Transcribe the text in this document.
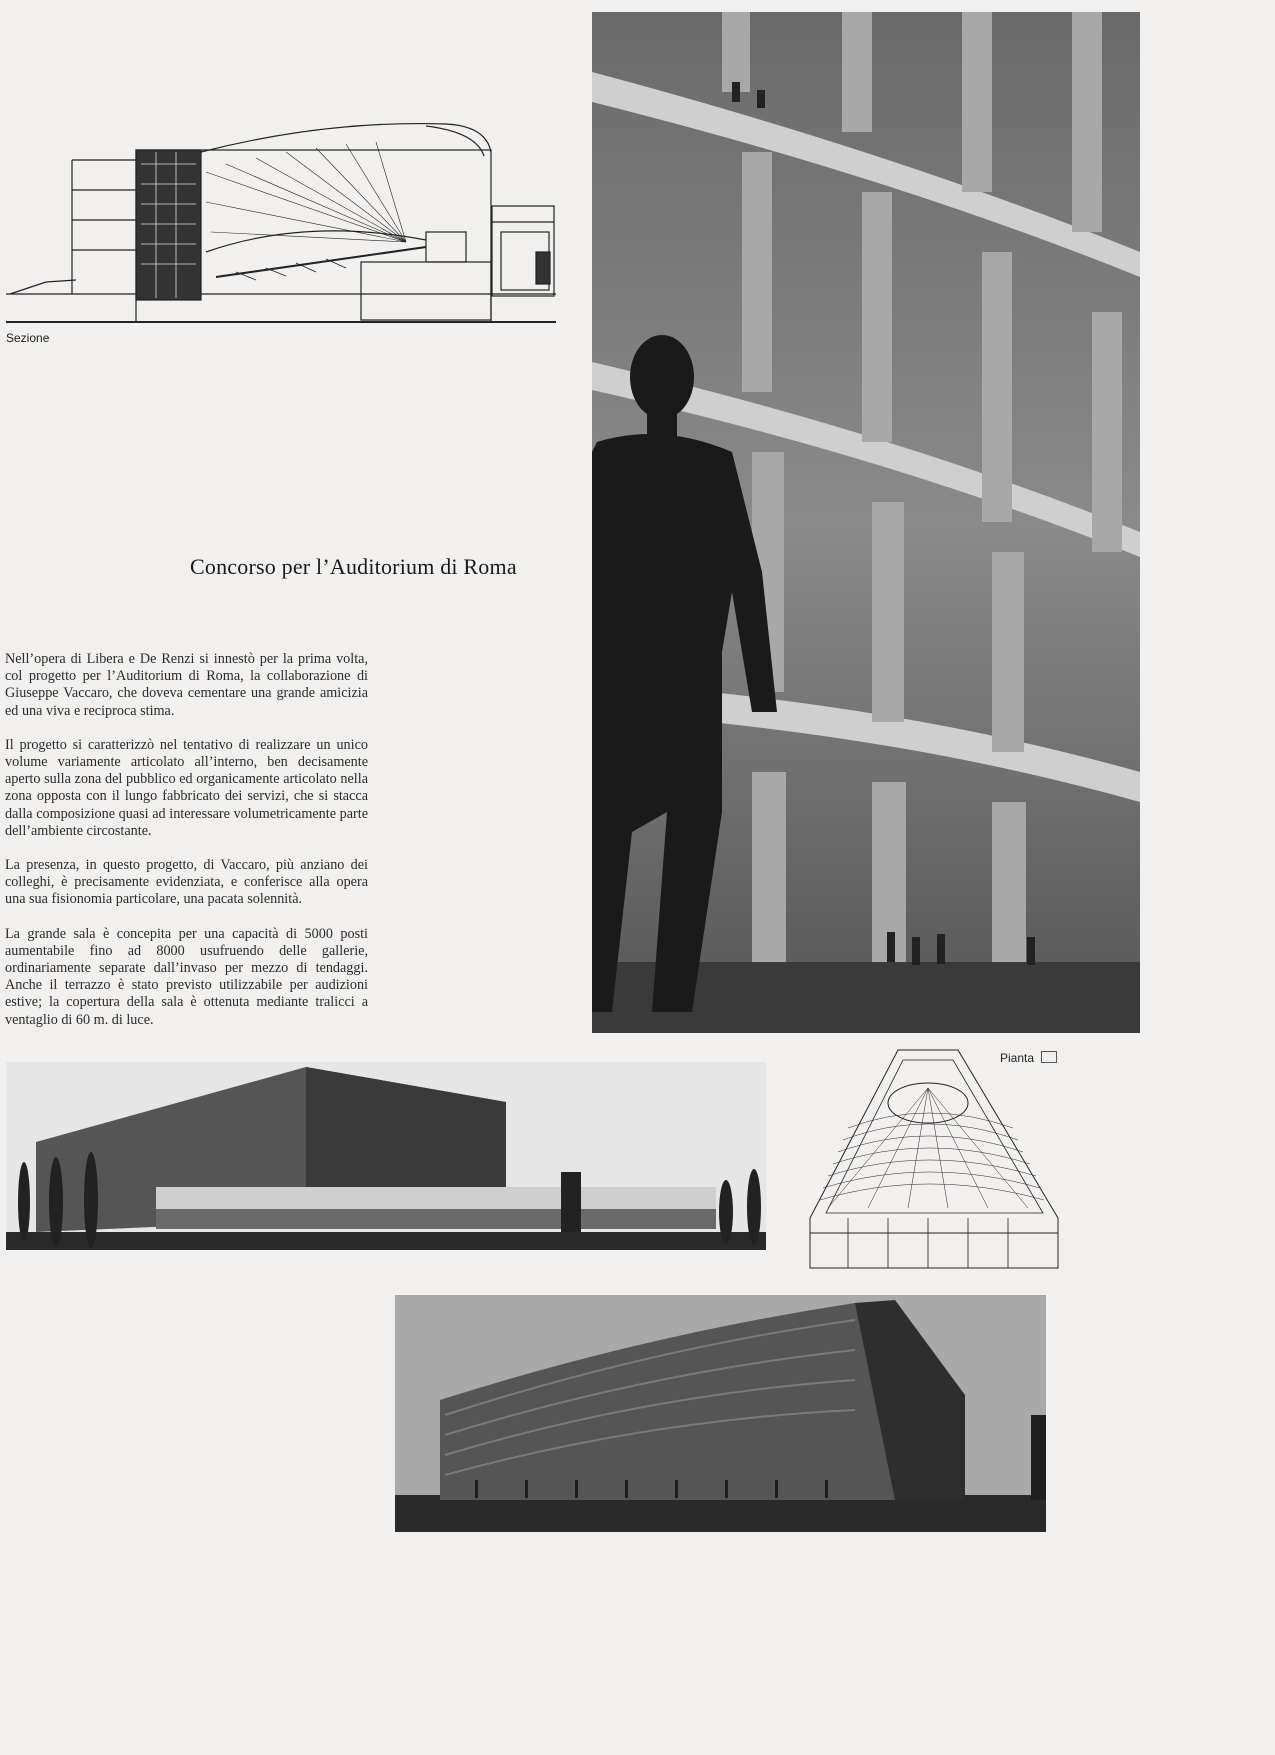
Sezione
Concorso per l’Auditorium di Roma

Nell’opera di Libera e De Renzi si innestò per la prima volta, col progetto per l’Auditorium di Roma, la collaborazione di Giuseppe Vaccaro, che doveva cementare una grande amicizia ed una viva e reciproca stima.

Il progetto si caratterizzò nel tentativo di realizzare un unico volume variamente articolato all’interno, ben decisamente aperto sulla zona del pubblico ed organicamente articolato nella zona opposta con il lungo fabbricato dei servizi, che si stacca dalla composizione quasi ad interessare volumetricamente parte dell’ambiente circostante.

La presenza, in questo progetto, di Vaccaro, più anziano dei colleghi, è precisamente evidenziata, e conferisce alla opera una sua fisionomia particolare, una pacata solennità.

La grande sala è concepita per una capacità di 5000 posti aumentabile fino ad 8000 usufruendo delle gallerie, ordinariamente separate dall’invaso per mezzo di tendaggi. Anche il terrazzo è stato previsto utilizzabile per audizioni estive; la copertura della sala è ottenuta mediante tralicci a ventaglio di 60 m. di luce.

Pianta
